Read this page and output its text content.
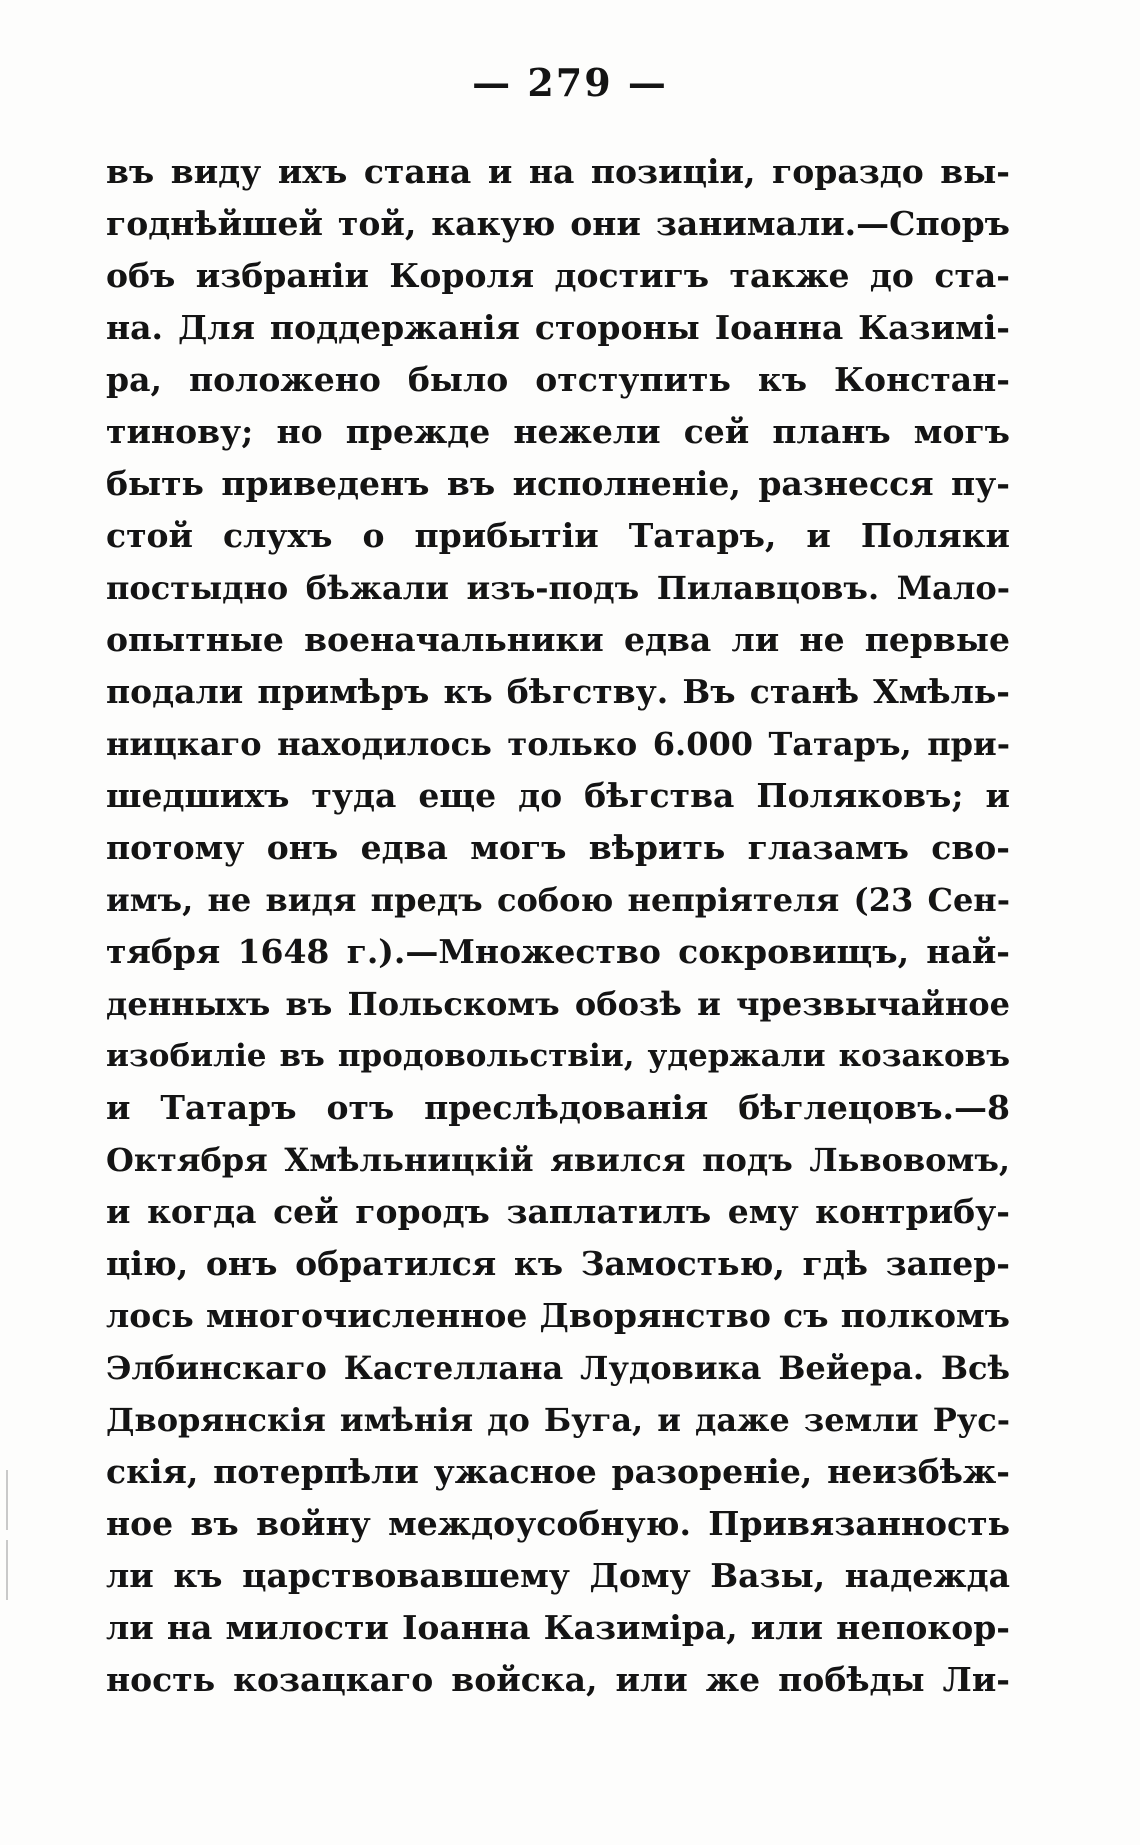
— 279 —
въ виду ихъ стана и на позиціи, гораздо вы-
годнѣйшей той, какую они занимали.—Споръ
объ избраніи Короля достигъ также до ста-
на. Для поддержанія стороны Іоанна Казимі-
ра, положено было отступить къ Констан-
тинову; но прежде нежели сей планъ могъ
быть приведенъ въ исполненіе, разнесся пу-
стой слухъ о прибытіи Татаръ, и Поляки
постыдно бѣжали изъ-подъ Пилавцовъ. Мало-
опытные военачальники едва ли не первые
подали примѣръ къ бѣгству. Въ станѣ Хмѣль-
ницкаго находилось только 6.000 Татаръ, при-
шедшихъ туда еще до бѣгства Поляковъ; и
потому онъ едва могъ вѣрить глазамъ сво-
имъ, не видя предъ собою непріятеля (23 Сен-
тября 1648 г.).—Множество сокровищъ, най-
денныхъ въ Польскомъ обозѣ и чрезвычайное
изобиліе въ продовольствіи, удержали козаковъ
и Татаръ отъ преслѣдованія бѣглецовъ.—8
Октября Хмѣльницкій явился подъ Львовомъ,
и когда сей городъ заплатилъ ему контрибу-
цію, онъ обратился къ Замостью, гдѣ запер-
лось многочисленное Дворянство съ полкомъ
Элбинскаго Кастеллана Лудовика Вейера. Всѣ
Дворянскія имѣнія до Буга, и даже земли Рус-
скія, потерпѣли ужасное разореніе, неизбѣж-
ное въ войну междоусобную. Привязанность
ли къ царствовавшему Дому Вазы, надежда
ли на милости Іоанна Казиміра, или непокор-
ность козацкаго войска, или же побѣды Ли-
